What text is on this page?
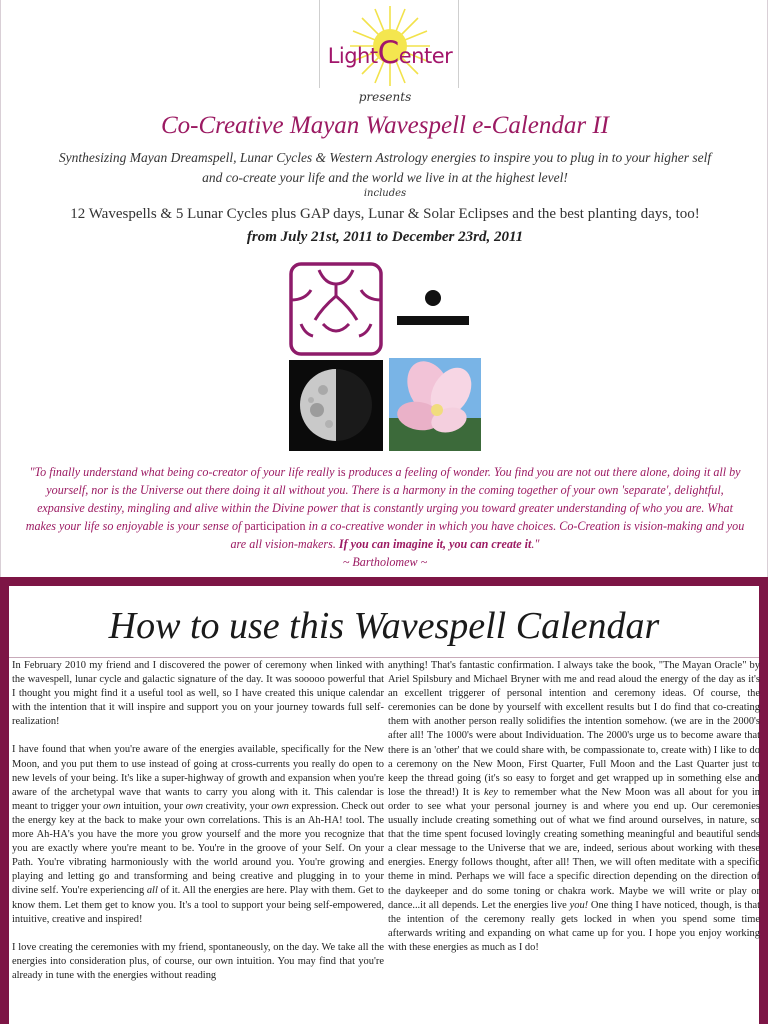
LightCenter
presents
Co-Creative Mayan Wavespell e-Calendar II
Synthesizing Mayan Dreamspell, Lunar Cycles & Western Astrology energies to inspire you to plug in to your higher self
and co-create your life and the world we live in at the highest level!
includes
12 Wavespells & 5 Lunar Cycles plus GAP days, Lunar & Solar Eclipses and the best planting days, too!
from July 21st, 2011 to December 23rd, 2011
"To finally understand what being co-creator of your life really is produces a feeling of wonder. You find you are not out there alone, doing it all by yourself, nor is the Universe out there doing it all without you. There is a harmony in the coming together of your own 'separate', delightful, expansive destiny, mingling and alive within the Divine power that is constantly urging you toward greater understanding of who you are. What makes your life so enjoyable is your sense of participation in a co-creative wonder in which you have choices. Co-Creation is vision-making and you are all vision-makers. If you can imagine it, you can create it."
~ Bartholomew ~
How to use this Wavespell Calendar

In February 2010 my friend and I discovered the power of ceremony when linked with the wavespell, lunar cycle and galactic signature of the day. It was sooooo powerful that I thought you might find it a useful tool as well, so I have created this unique calendar with the intention that it will inspire and support you on your journey towards full self-realization!

I have found that when you're aware of the energies available, specifically for the New Moon, and you put them to use instead of going at cross-currents you really do open to new levels of your being. It's like a super-highway of growth and expansion when you're aware of the archetypal wave that wants to carry you along with it. This calendar is meant to trigger your own intuition, your own creativity, your own expression. Check out the energy key at the back to make your own correlations. This is an Ah-HA! tool. The more Ah-HA's you have the more you grow yourself and the more you recognize that you are exactly where you're meant to be. You're in the groove of your Self. On your Path. You're vibrating harmoniously with the world around you. You're growing and playing and letting go and transforming and being creative and plugging in to your divine self. You're experiencing all of it. All the energies are here. Play with them. Get to know them. Let them get to know you. It's a tool to support your being self-empowered, intuitive, creative and inspired!

I love creating the ceremonies with my friend, spontaneously, on the day. We take all the energies into consideration plus, of course, our own intuition. You may find that you're already in tune with the energies without reading

anything! That's fantastic confirmation. I always take the book, "The Mayan Oracle" by Ariel Spilsbury and Michael Bryner with me and read aloud the energy of the day as it's an excellent triggerer of personal intention and ceremony ideas. Of course, the ceremonies can be done by yourself with excellent results but I do find that co-creating them with another person really solidifies the intention somehow. (we are in the 2000's after all! The 1000's were about Individuation. The 2000's urge us to become aware that there is an 'other' that we could share with, be compassionate to, create with) I like to do a ceremony on the New Moon, First Quarter, Full Moon and the Last Quarter just to keep the thread going (it's so easy to forget and get wrapped up in something else and lose the thread!) It is key to remember what the New Moon was all about for you in order to see what your personal journey is and where you end up. Our ceremonies usually include creating something out of what we find around ourselves, in nature, so that the time spent focused lovingly creating something meaningful and beautiful sends a clear message to the Universe that we are, indeed, serious about working with these energies. Energy follows thought, after all! Then, we will often meditate with a specific theme in mind. Perhaps we will face a specific direction depending on the direction of the daykeeper and do some toning or chakra work. Maybe we will write or play or dance...it all depends. Let the energies live you! One thing I have noticed, though, is that the intention of the ceremony really gets locked in when you spend some time afterwards writing and expanding on what came up for you. I hope you enjoy working with these energies as much as I do!
